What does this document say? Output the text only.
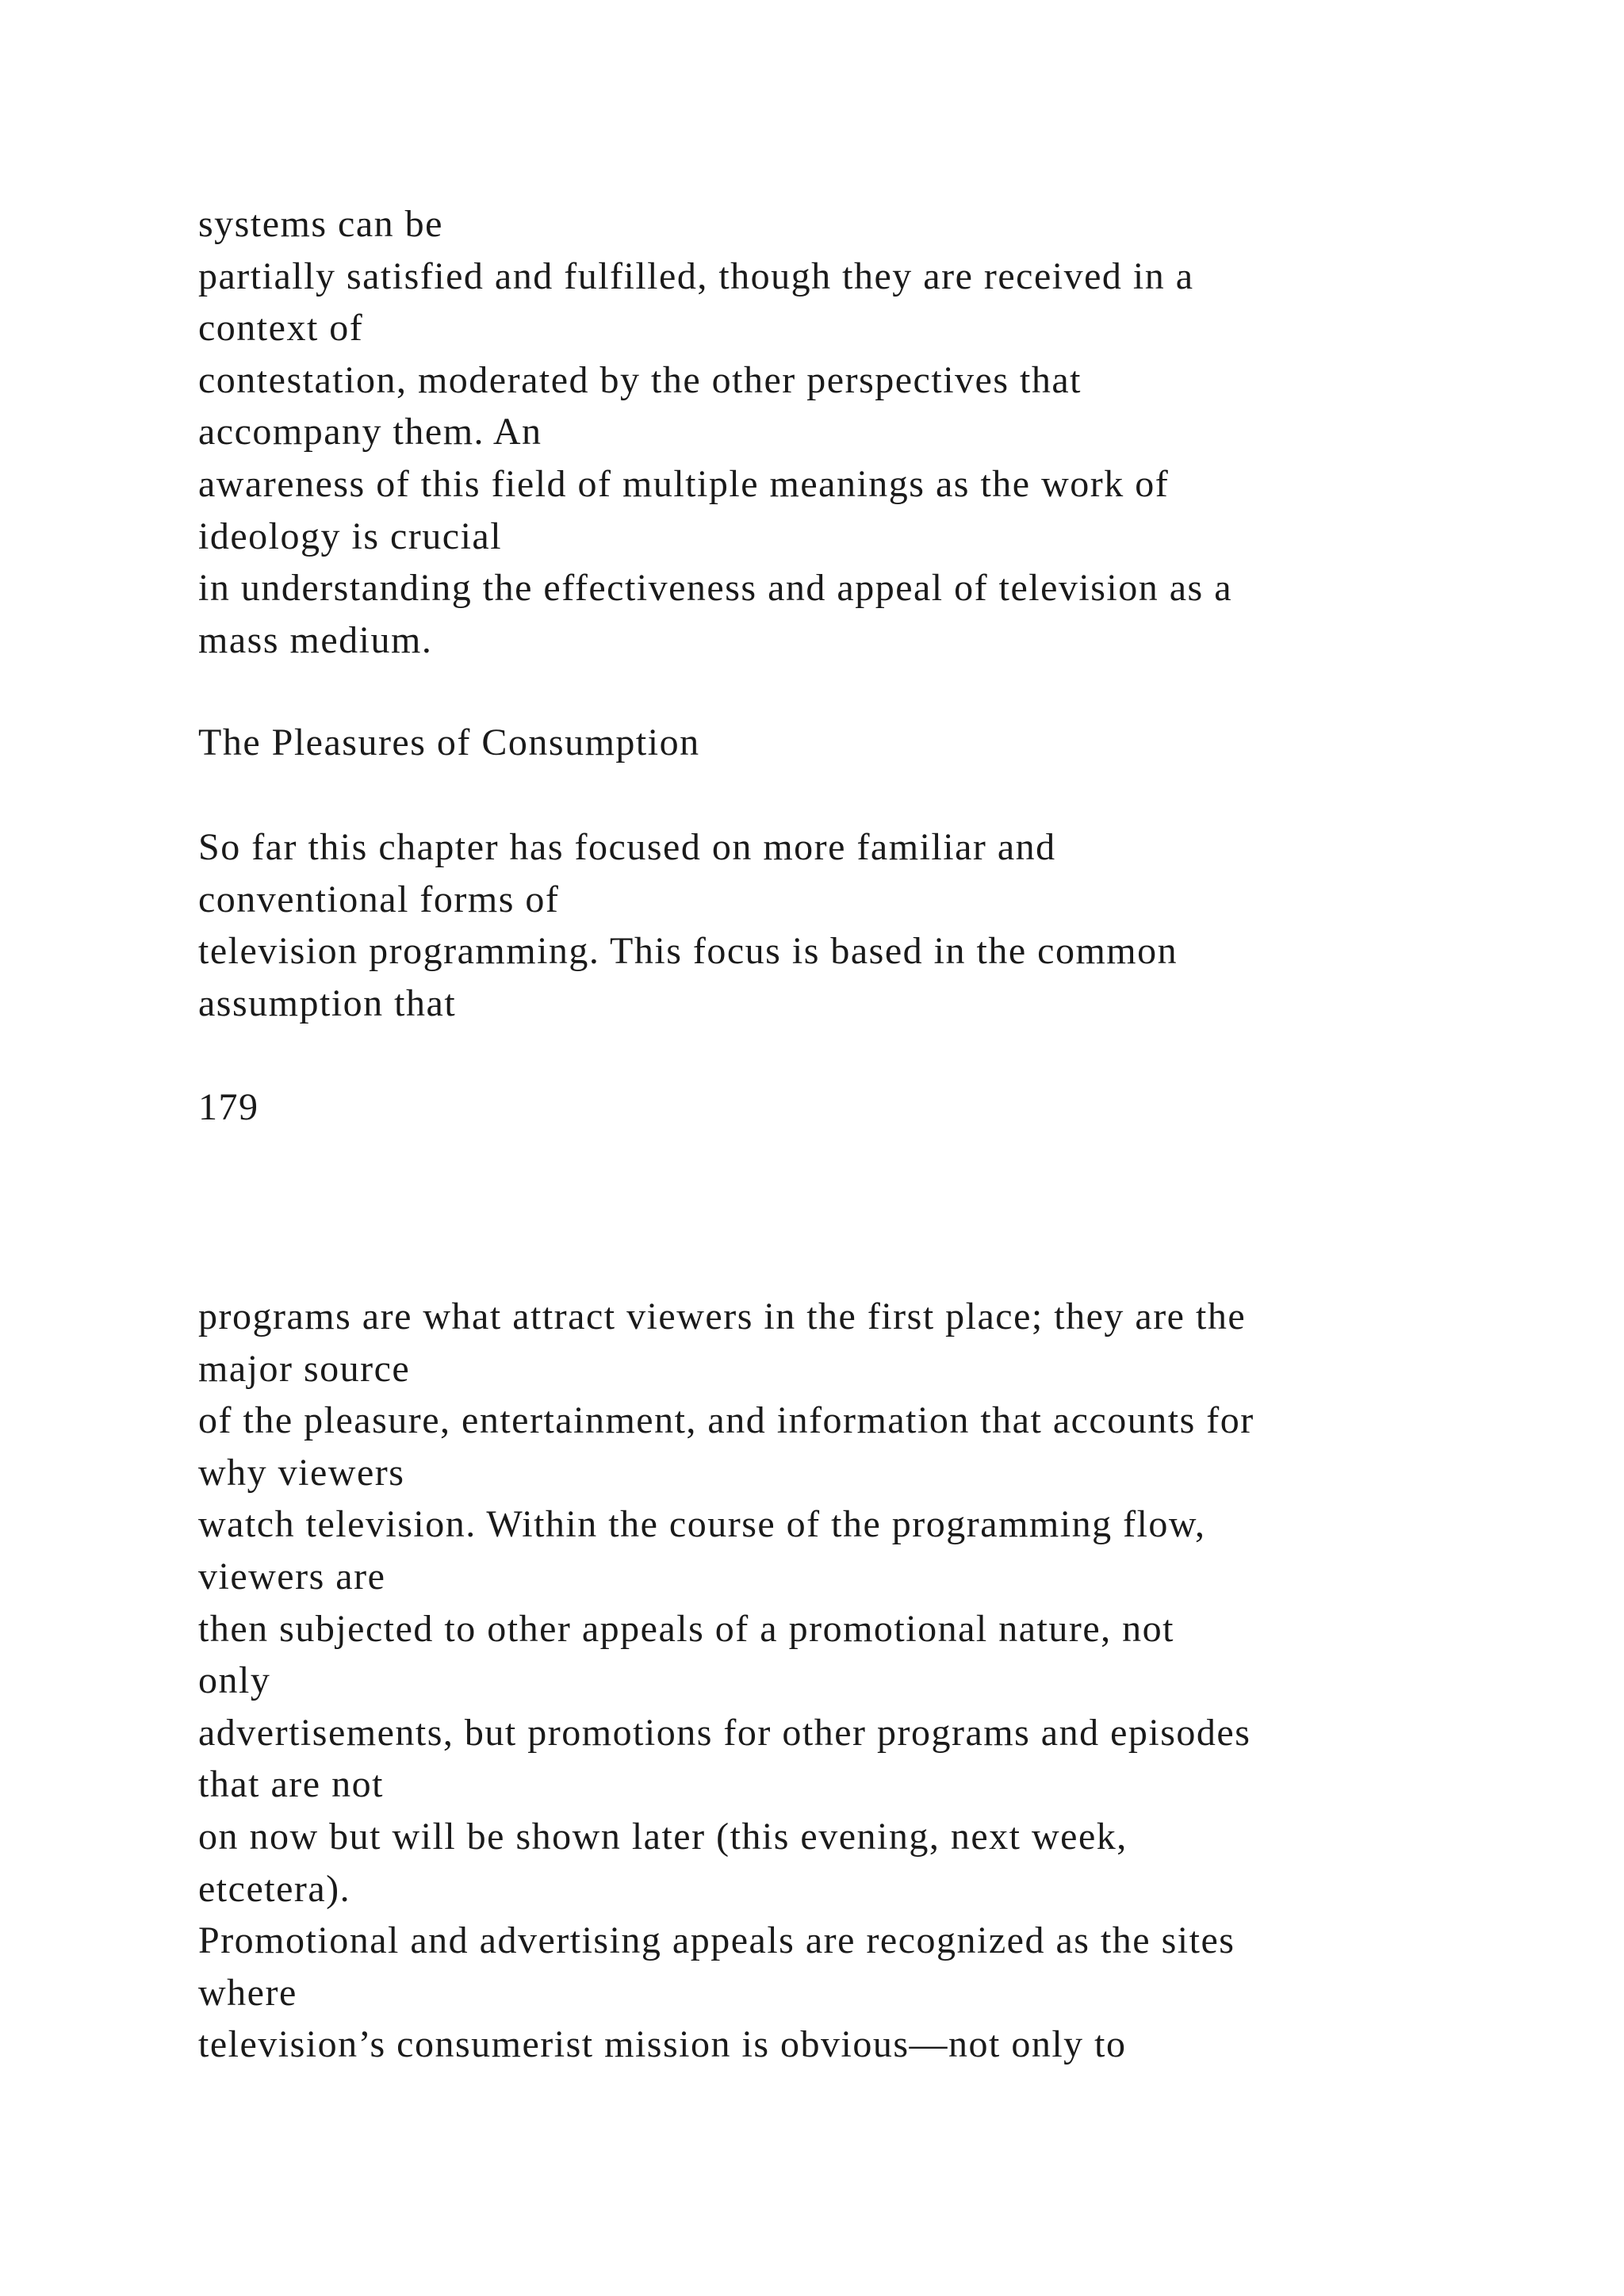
systems can be
partially satisfied and fulfilled, though they are received in a
context of
contestation, moderated by the other perspectives that
accompany them. An
awareness of this field of multiple meanings as the work of
ideology is crucial
in understanding the effectiveness and appeal of television as a
mass medium.
The Pleasures of Consumption
So far this chapter has focused on more familiar and
conventional forms of
television programming. This focus is based in the common
assumption that
179
programs are what attract viewers in the first place; they are the
major source
of the pleasure, entertainment, and information that accounts for
why viewers
watch television. Within the course of the programming flow,
viewers are
then subjected to other appeals of a promotional nature, not
only
advertisements, but promotions for other programs and episodes
that are not
on now but will be shown later (this evening, next week,
etcetera).
Promotional and advertising appeals are recognized as the sites
where
television’s consumerist mission is obvious—not only to
